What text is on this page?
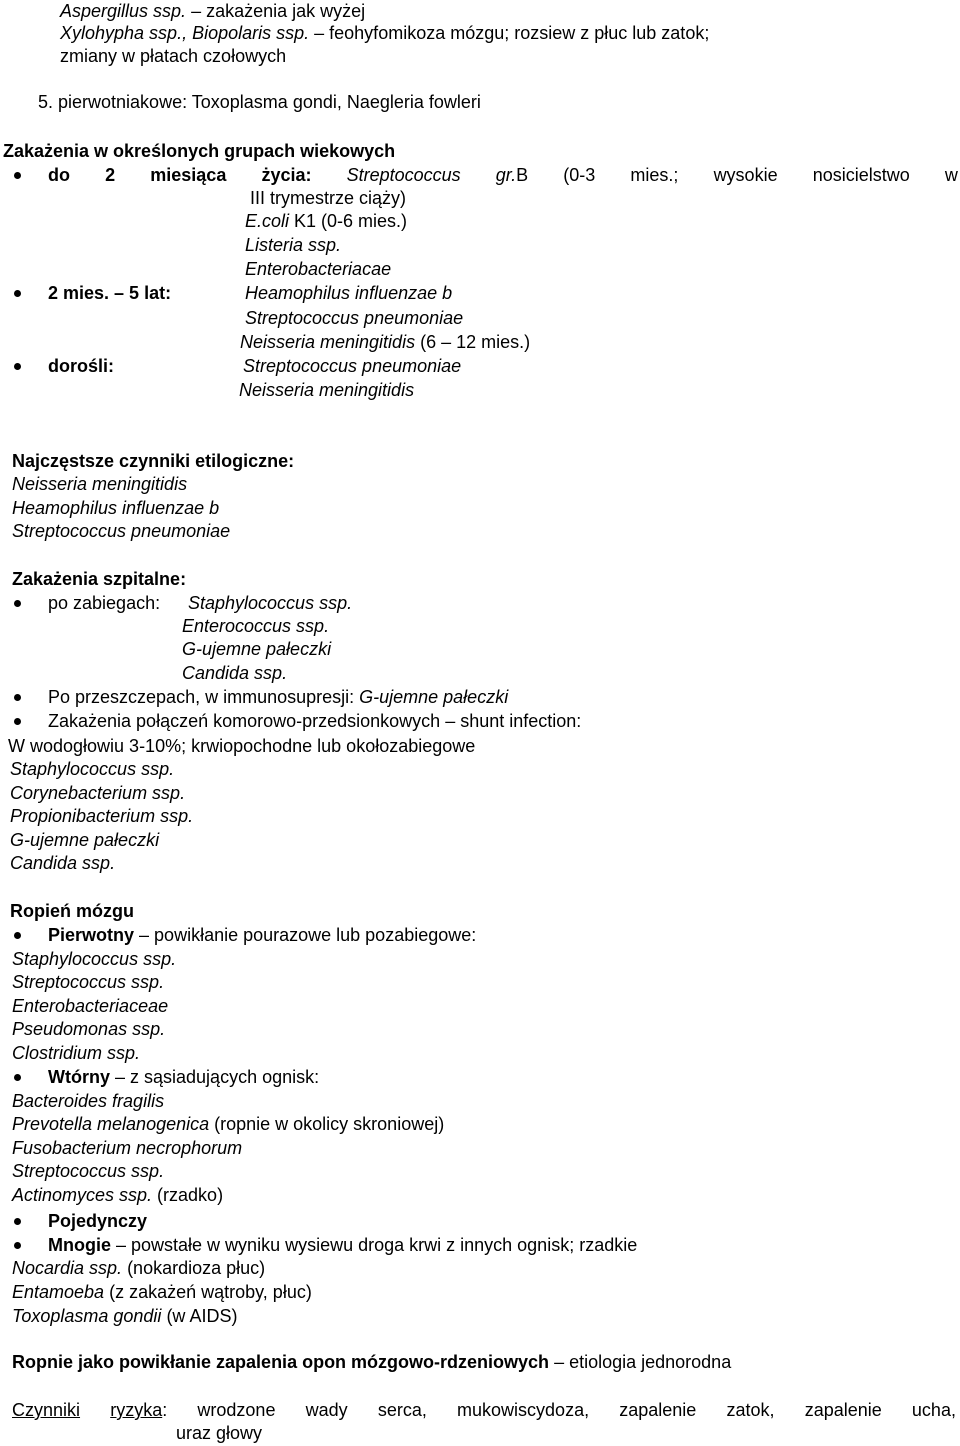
Aspergillus ssp. – zakażenia jak wyżej
Xylohypha ssp., Biopolaris ssp. – feohyfomikoza mózgu; rozsiew z płuc lub zatok;
zmiany w płatach czołowych
5. pierwotniakowe: Toxoplasma gondi, Naegleria fowleri
Zakażenia w określonych grupach wiekowych
do 2 miesiąca życia: Streptococcus gr.B (0-3 mies.; wysokie nosicielstwo w
III trymestrze ciąży)
E.coli K1 (0-6 mies.)
Listeria ssp.
Enterobacteriacae
2 mies. – 5 lat:	Heamophilus influenzae b
Streptococcus pneumoniae
Neisseria meningitidis (6 – 12 mies.)
dorośli:	Streptococcus pneumoniae
Neisseria meningitidis
Najczęstsze czynniki etilogiczne:
Neisseria meningitidis
Heamophilus influenzae b
Streptococcus pneumoniae
Zakażenia szpitalne:
po zabiegach: Staphylococcus ssp.
Enterococcus ssp.
G-ujemne pałeczki
Candida ssp.
Po przeszczepach, w immunosupresji: G-ujemne pałeczki
Zakażenia połączeń komorowo-przedsionkowych – shunt infection:
W wodogłowiu 3-10%; krwiopochodne lub okołozabiegowe
Staphylococcus ssp.
Corynebacterium ssp.
Propionibacterium ssp.
G-ujemne pałeczki
Candida ssp.
Ropień mózgu
Pierwotny – powikłanie pourazowe lub pozabiegowe:
Staphylococcus ssp.
Streptococcus ssp.
Enterobacteriaceae
Pseudomonas ssp.
Clostridium ssp.
Wtórny – z sąsiadujących ognisk:
Bacteroides fragilis
Prevotella melanogenica (ropnie w okolicy skroniowej)
Fusobacterium necrophorum
Streptococcus ssp.
Actinomyces ssp. (rzadko)
Pojedynczy
Mnogie – powstałe w wyniku wysiewu droga krwi z innych ognisk; rzadkie
Nocardia ssp. (nokardioza płuc)
Entamoeba (z zakażeń wątroby, płuc)
Toxoplasma gondii (w AIDS)
Ropnie jako powikłanie zapalenia opon mózgowo-rdzeniowych – etiologia jednorodna
Czynniki ryzyka: wrodzone wady serca, mukowiscydoza, zapalenie zatok, zapalenie ucha,
uraz głowy
